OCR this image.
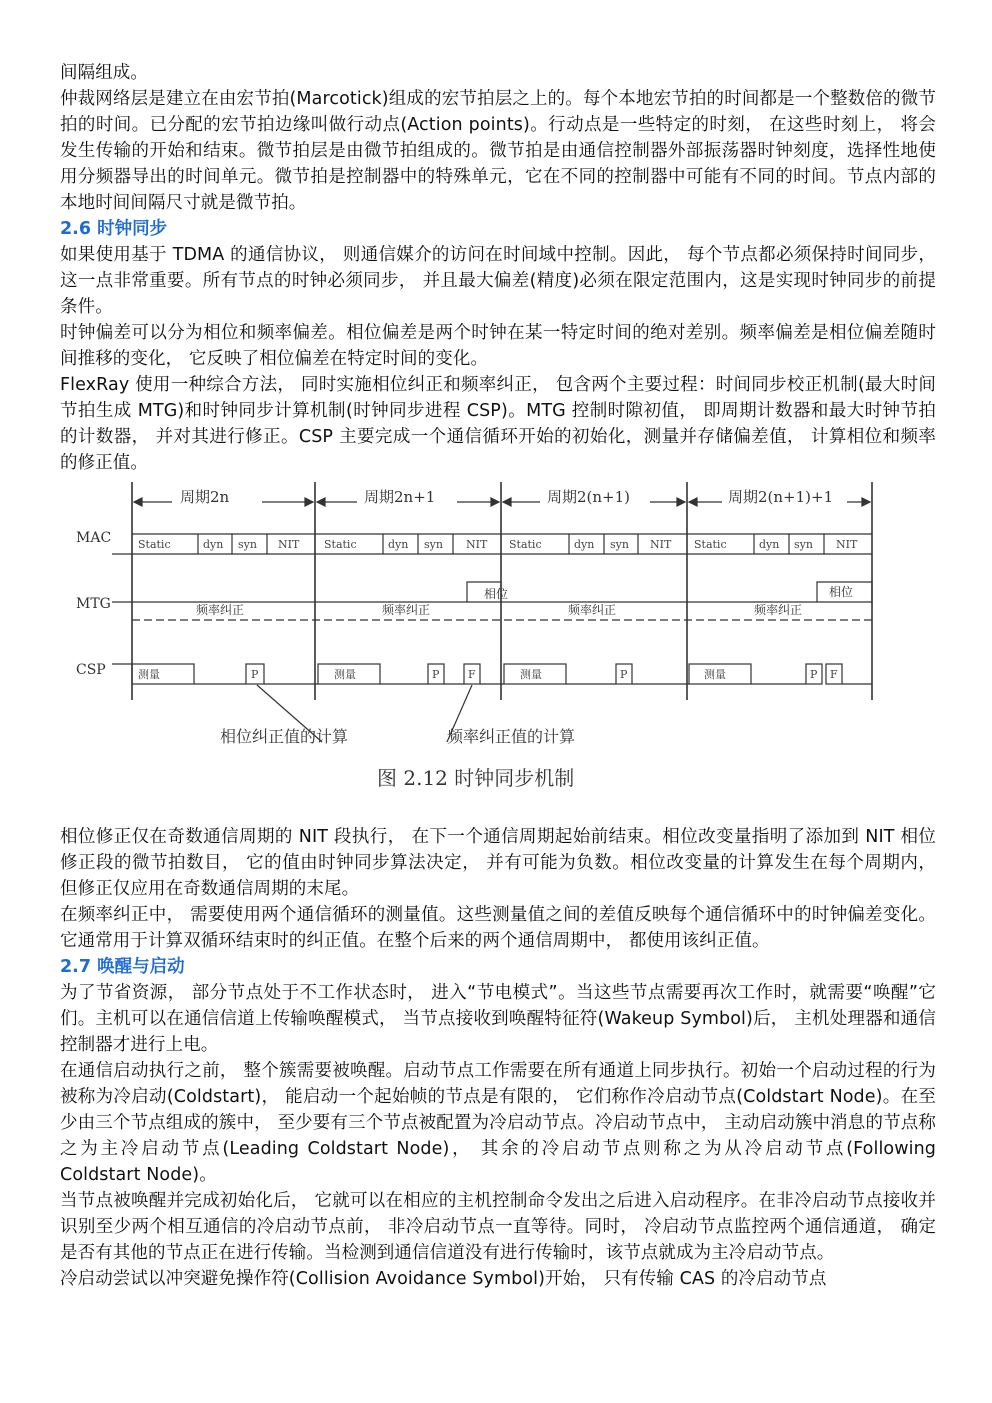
间隔组成。

仲裁网络层是建立在由宏节拍(Marcotick)组成的宏节拍层之上的。每个本地宏节拍的时间都是一个整数倍的微节拍的时间。已分配的宏节拍边缘叫做行动点(Action points)。行动点是一些特定的时刻， 在这些时刻上， 将会发生传输的开始和结束。微节拍层是由微节拍组成的。微节拍是由通信控制器外部振荡器时钟刻度，选择性地使用分频器导出的时间单元。微节拍是控制器中的特殊单元，它在不同的控制器中可能有不同的时间。节点内部的本地时间间隔尺寸就是微节拍。

2.6 时钟同步

如果使用基于 TDMA 的通信协议， 则通信媒介的访问在时间域中控制。因此， 每个节点都必须保持时间同步， 这一点非常重要。所有节点的时钟必须同步， 并且最大偏差(精度)必须在限定范围内，这是实现时钟同步的前提条件。

时钟偏差可以分为相位和频率偏差。相位偏差是两个时钟在某一特定时间的绝对差别。频率偏差是相位偏差随时间推移的变化， 它反映了相位偏差在特定时间的变化。

FlexRay 使用一种综合方法， 同时实施相位纠正和频率纠正， 包含两个主要过程：时间同步校正机制(最大时间节拍生成 MTG)和时钟同步计算机制(时钟同步进程 CSP)。MTG 控制时隙初值， 即周期计数器和最大时钟节拍的计数器， 并对其进行修正。CSP 主要完成一个通信循环开始的初始化，测量并存储偏差值， 计算相位和频率的修正值。

周期2n	周期2n+1	周期2(n+1)	周期2(n+1)+1
MAC
MTG
CSP
Static	dyn syn NIT Static	dyn syn NIT Static	dyn syn NIT Static	dyn syn NIT
相位	相位
频率纠正	频率纠正	频率纠正	频率纠正
测量	P	测量	P	F	测量	P	测量	P F
相位纠正值的计算	频率纠正值的计算
图 2.12 时钟同步机制

相位修正仅在奇数通信周期的 NIT 段执行， 在下一个通信周期起始前结束。相位改变量指明了添加到 NIT 相位修正段的微节拍数目， 它的值由时钟同步算法决定， 并有可能为负数。相位改变量的计算发生在每个周期内， 但修正仅应用在奇数通信周期的末尾。

在频率纠正中， 需要使用两个通信循环的测量值。这些测量值之间的差值反映每个通信循环中的时钟偏差变化。它通常用于计算双循环结束时的纠正值。在整个后来的两个通信周期中， 都使用该纠正值。

2.7 唤醒与启动

为了节省资源， 部分节点处于不工作状态时， 进入“节电模式”。当这些节点需要再次工作时，就需要“唤醒”它们。主机可以在通信信道上传输唤醒模式， 当节点接收到唤醒特征符(Wakeup Symbol)后， 主机处理器和通信控制器才进行上电。

在通信启动执行之前， 整个簇需要被唤醒。启动节点工作需要在所有通道上同步执行。初始一个启动过程的行为被称为冷启动(Coldstart)， 能启动一个起始帧的节点是有限的， 它们称作冷启动节点(Coldstart Node)。在至少由三个节点组成的簇中， 至少要有三个节点被配置为冷启动节点。冷启动节点中， 主动启动簇中消息的节点称之为主冷启动节点(Leading Coldstart Node)， 其余的冷启动节点则称之为从冷启动节点(Following Coldstart Node)。

当节点被唤醒并完成初始化后， 它就可以在相应的主机控制命令发出之后进入启动程序。在非冷启动节点接收并识别至少两个相互通信的冷启动节点前， 非冷启动节点一直等待。同时， 冷启动节点监控两个通信通道， 确定是否有其他的节点正在进行传输。当检测到通信信道没有进行传输时，该节点就成为主冷启动节点。

冷启动尝试以冲突避免操作符(Collision Avoidance Symbol)开始， 只有传输 CAS 的冷启动节点
